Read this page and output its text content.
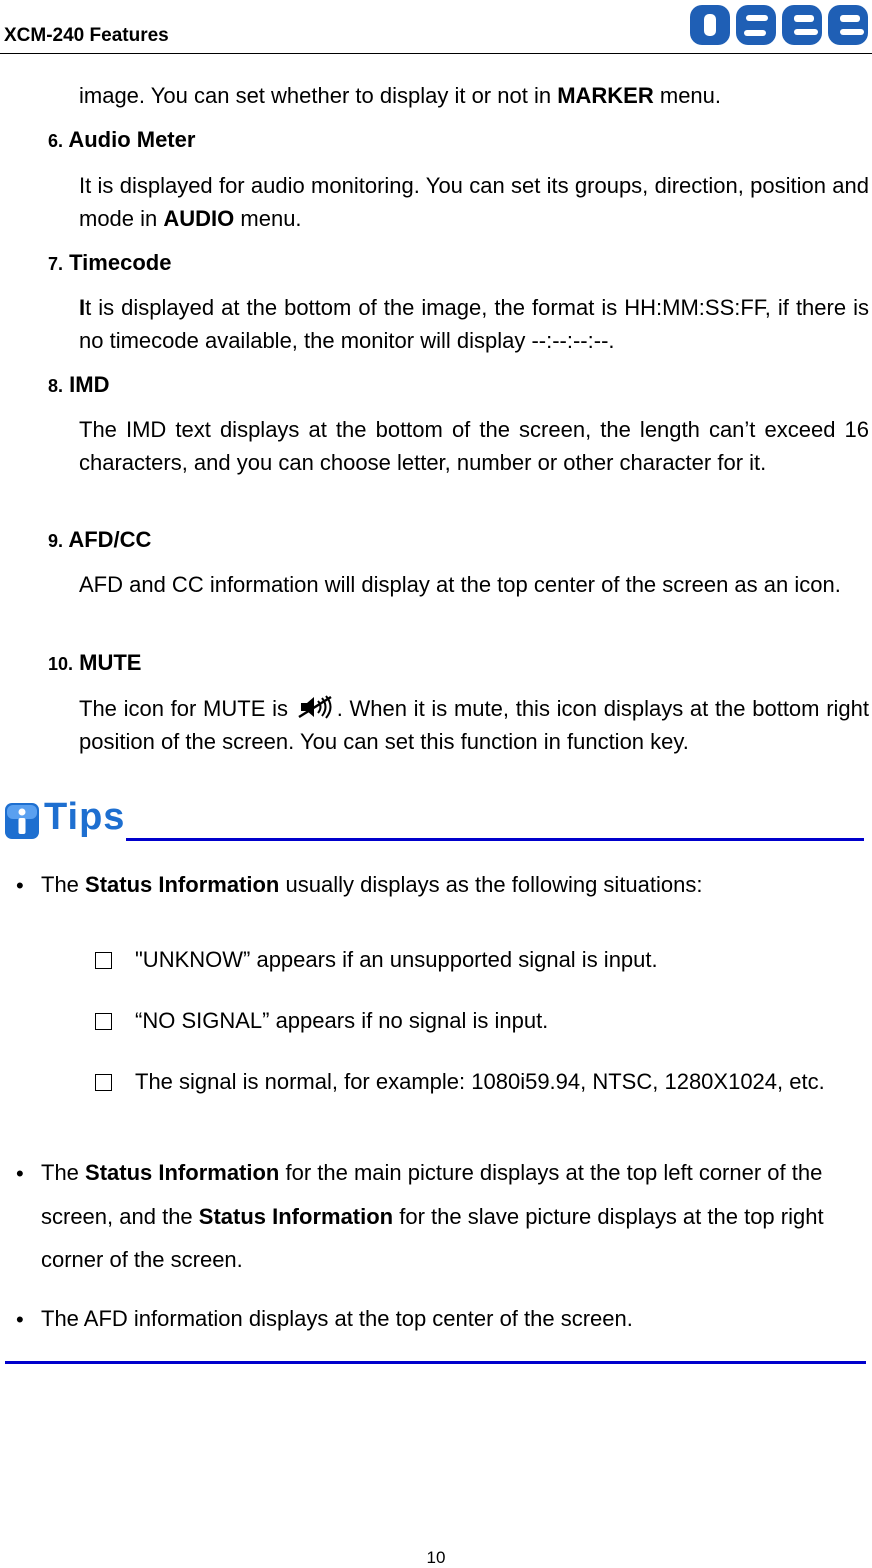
XCM-240 Features
image. You can set whether to display it or not in MARKER menu.
6. Audio Meter
It is displayed for audio monitoring. You can set its groups, direction, position and mode in AUDIO menu.
7. Timecode
It is displayed at the bottom of the image, the format is HH:MM:SS:FF, if there is no timecode available, the monitor will display --:--:--:--.
8. IMD
The IMD text displays at the bottom of the screen, the length can’t exceed 16 characters, and you can choose letter, number or other character for it.
9. AFD/CC
AFD and CC information will display at the top center of the screen as an icon.
10. MUTE
The icon for MUTE is . When it is mute, this icon displays at the bottom right position of the screen. You can set this function in function key.
Tips
• The Status Information usually displays as the following situations:
"UNKNOW” appears if an unsupported signal is input.
“NO SIGNAL” appears if no signal is input.
The signal is normal, for example: 1080i59.94, NTSC, 1280X1024, etc.
• The Status Information for the main picture displays at the top left corner of the screen, and the Status Information for the slave picture displays at the top right corner of the screen.
• The AFD information displays at the top center of the screen.
10
